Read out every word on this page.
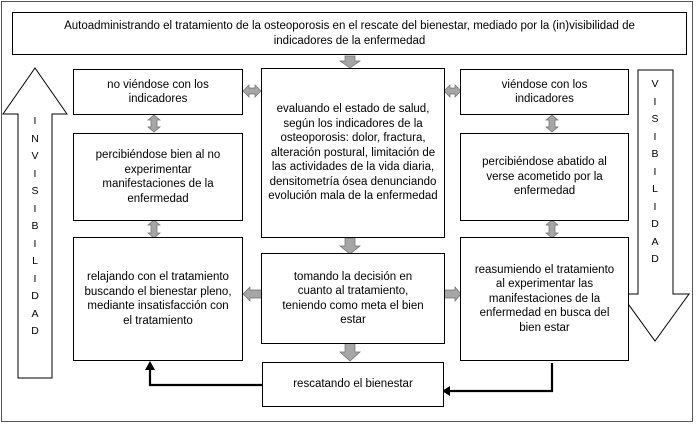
Autoadministrando el tratamiento de la osteoporosis en el rescate del bienestar, mediado por la (in)visibilidad de indicadores de la enfermedad
no viéndose con los indicadores
percibiéndose bien al no experimentar manifestaciones de la enfermedad
relajando con el tratamiento buscando el bienestar pleno, mediante insatisfacción con el tratamiento
evaluando el estado de salud, según los indicadores de la osteoporosis: dolor, fractura, alteración postural, limitación de las actividades de la vida diaria, densitometría ósea denunciando evolución mala de la enfermedad
tomando la decisión en cuanto al tratamiento, teniendo como meta el bien estar
rescatando el bienestar
viéndose con los indicadores
percibiéndose abatido al verse acometido por la enfermedad
reasumiendo el tratamiento al experimentar las manifestaciones de la enfermedad en busca del bien estar
I
N
V
I
S
I
B
I
L
I
D
A
D
V
I
S
I
B
I
L
I
D
A
D
